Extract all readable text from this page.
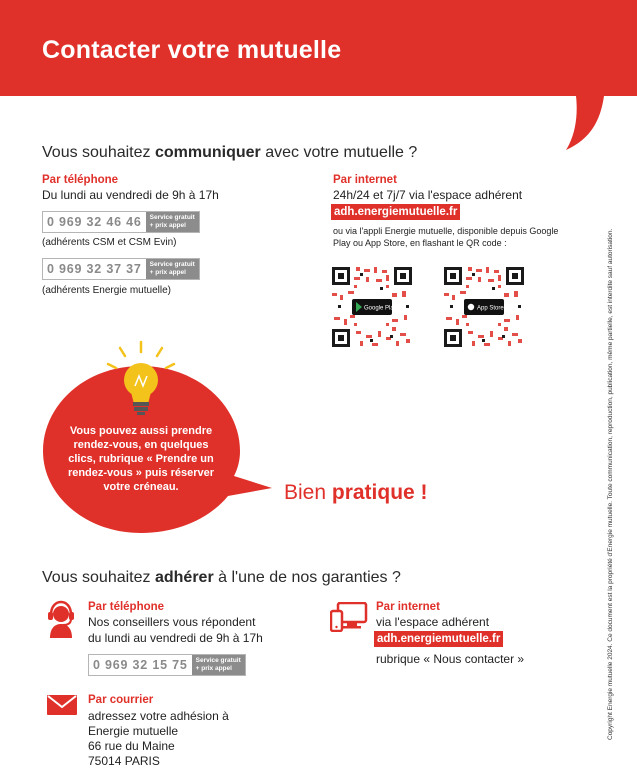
Contacter votre mutuelle
Vous souhaitez communiquer avec votre mutuelle ?
Par téléphone
Du lundi au vendredi de 9h à 17h
0 969 32 46 46	Service gratuit
+ prix appel
(adhérents CSM et CSM Evin)
0 969 32 37 37	Service gratuit
+ prix appel
(adhérents Energie mutuelle)
Par internet
24h/24 et 7j/7 via l'espace adhérent
adh.energiemutuelle.fr
ou via l'appli Energie mutuelle, disponible depuis Google
Play ou App Store, en flashant le QR code :
Google Play	App Store
Vous pouvez aussi prendre rendez-vous, en quelques clics, rubrique « Prendre un rendez-vous » puis réserver votre créneau.	Bien pratique !
Vous souhaitez adhérer à l'une de nos garanties ?
Par téléphone
Nos conseillers vous répondent
du lundi au vendredi de 9h à 17h
0 969 32 15 75	Service gratuit
+ prix appel
Par courrier
adressez votre adhésion à
Energie mutuelle
66 rue du Maine
75014 PARIS
Par internet
via l'espace adhérent
adh.energiemutuelle.fr
rubrique « Nous contacter »	Copyright Energie mutuelle 2024. Ce document est la propriété d'Energie mutuelle. Toute communication, reproduction, publication, même partielle, est interdite sauf autorisation.
